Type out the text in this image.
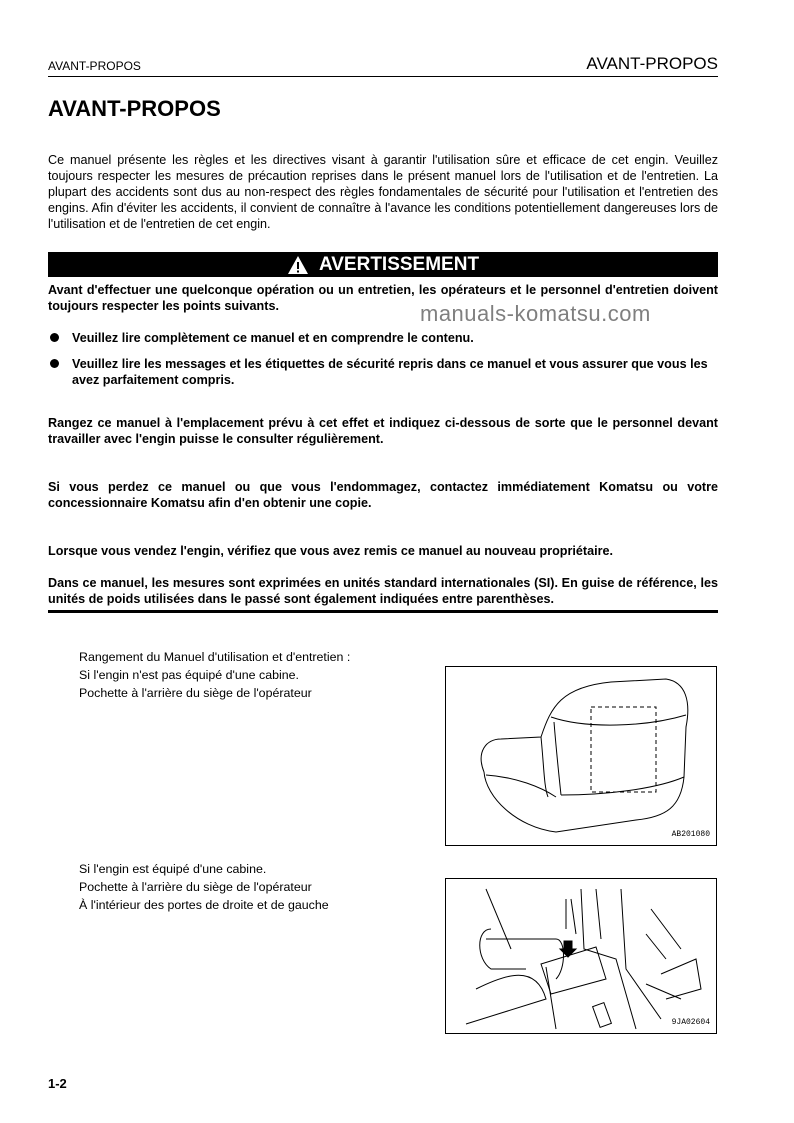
AVANT-PROPOS	AVANT-PROPOS
AVANT-PROPOS
Ce manuel présente les règles et les directives visant à garantir l'utilisation sûre et efficace de cet engin. Veuillez toujours respecter les mesures de précaution reprises dans le présent manuel lors de l'utilisation et de l'entretien. La plupart des accidents sont dus au non-respect des règles fondamentales de sécurité pour l'utilisation et l'entretien des engins. Afin d'éviter les accidents, il convient de connaître à l'avance les conditions potentiellement dangereuses lors de l'utilisation et de l'entretien de cet engin.
AVERTISSEMENT
Avant d'effectuer une quelconque opération ou un entretien, les opérateurs et le personnel d'entretien doivent toujours respecter les points suivants.	manuals-komatsu.com
Veuillez lire complètement ce manuel et en comprendre le contenu.
Veuillez lire les messages et les étiquettes de sécurité repris dans ce manuel et vous assurer que vous les avez parfaitement compris.
Rangez ce manuel à l'emplacement prévu à cet effet et indiquez ci-dessous de sorte que le personnel devant travailler avec l'engin puisse le consulter régulièrement.
Si vous perdez ce manuel ou que vous l'endommagez, contactez immédiatement Komatsu ou votre concessionnaire Komatsu afin d'en obtenir une copie.
Lorsque vous vendez l'engin, vérifiez que vous avez remis ce manuel au nouveau propriétaire.
Dans ce manuel, les mesures sont exprimées en unités standard internationales (SI). En guise de référence, les unités de poids utilisées dans le passé sont également indiquées entre parenthèses.
Rangement du Manuel d'utilisation et d'entretien :
Si l'engin n'est pas équipé d'une cabine.
Pochette à l'arrière du siège de l'opérateur
Si l'engin est équipé d'une cabine.
Pochette à l'arrière du siège de l'opérateur
À l'intérieur des portes de droite et de gauche
AB201080
9JA02604
1-2
